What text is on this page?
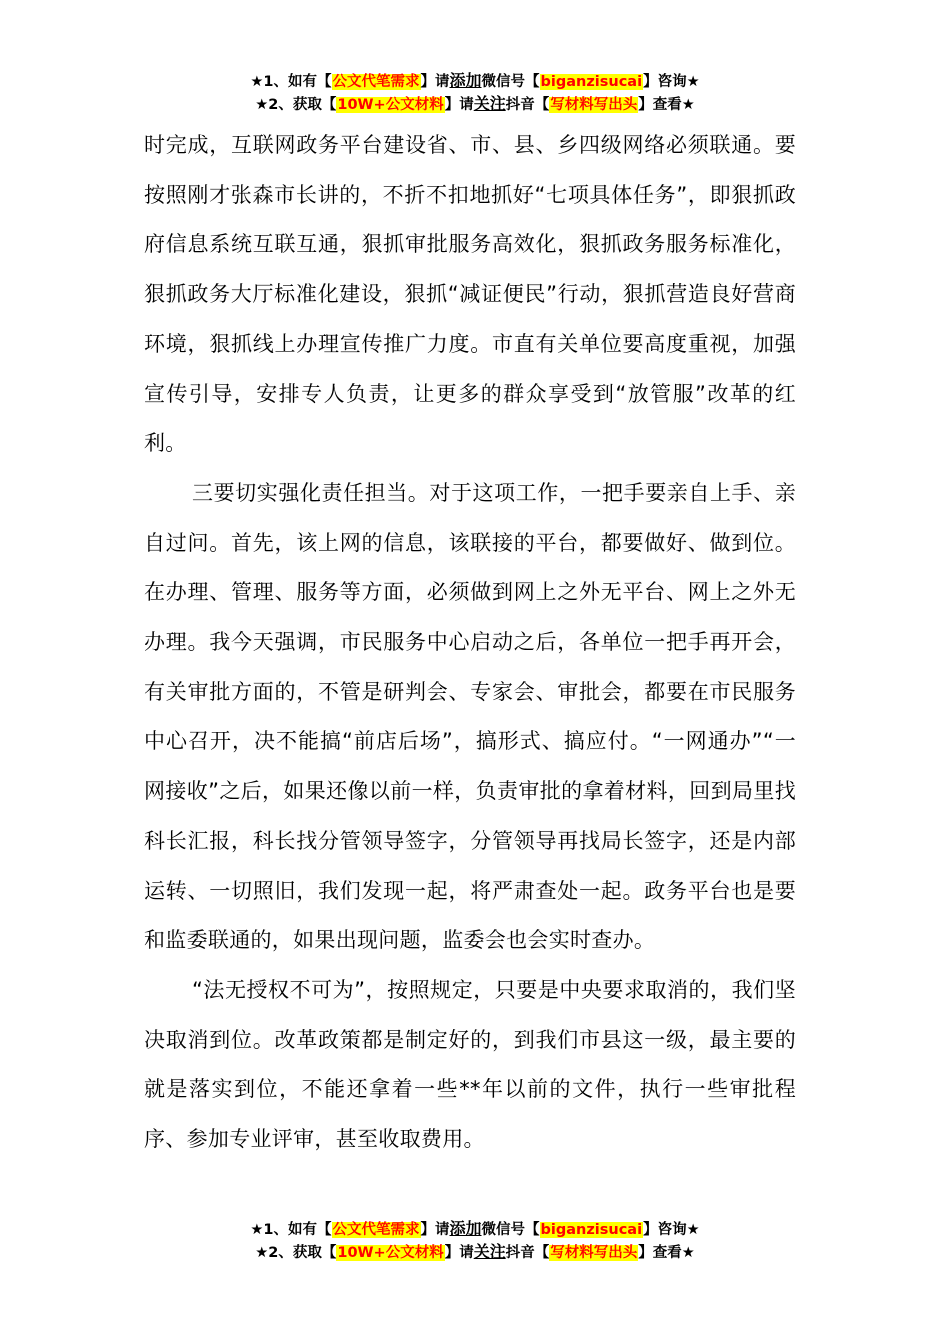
★1、如有【公文代笔需求】请添加微信号【biganzisucai】咨询★
★2、获取【10W+公文材料】请关注抖音【写材料写出头】查看★

时完成，互联网政务平台建设省、市、县、乡四级网络必须联通。要按照刚才张森市长讲的，不折不扣地抓好“七项具体任务”，即狠抓政府信息系统互联互通，狠抓审批服务高效化，狠抓政务服务标准化，狠抓政务大厅标准化建设，狠抓“减证便民”行动，狠抓营造良好营商环境，狠抓线上办理宣传推广力度。市直有关单位要高度重视，加强宣传引导，安排专人负责，让更多的群众享受到“放管服”改革的红利。

三要切实强化责任担当。对于这项工作，一把手要亲自上手、亲自过问。首先，该上网的信息，该联接的平台，都要做好、做到位。在办理、管理、服务等方面，必须做到网上之外无平台、网上之外无办理。我今天强调，市民服务中心启动之后，各单位一把手再开会，有关审批方面的，不管是研判会、专家会、审批会，都要在市民服务中心召开，决不能搞“前店后场”，搞形式、搞应付。“一网通办”“一网接收”之后，如果还像以前一样，负责审批的拿着材料，回到局里找科长汇报，科长找分管领导签字，分管领导再找局长签字，还是内部运转、一切照旧，我们发现一起，将严肃查处一起。政务平台也是要和监委联通的，如果出现问题，监委会也会实时查办。

“法无授权不可为”，按照规定，只要是中央要求取消的，我们坚决取消到位。改革政策都是制定好的，到我们市县这一级，最主要的就是落实到位，不能还拿着一些**年以前的文件，执行一些审批程序、参加专业评审，甚至收取费用。

★1、如有【公文代笔需求】请添加微信号【biganzisucai】咨询★
★2、获取【10W+公文材料】请关注抖音【写材料写出头】查看★
